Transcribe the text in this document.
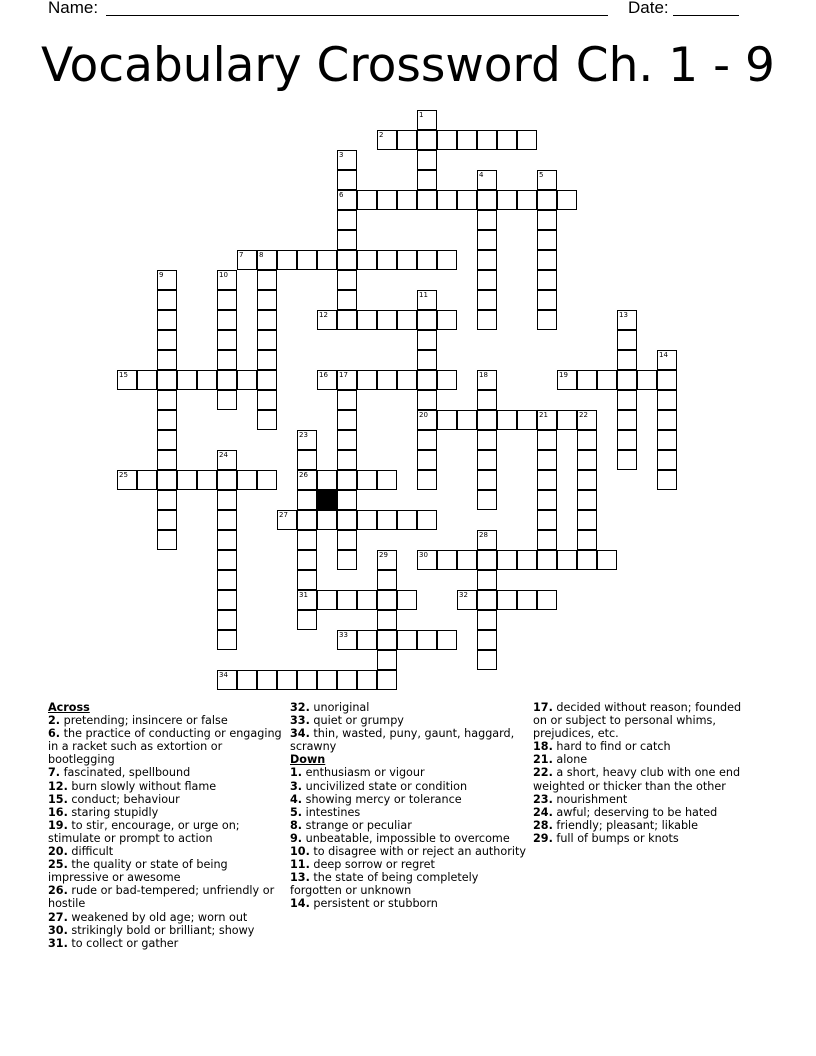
Name:	Date:
Vocabulary Crossword Ch. 1 - 9
2
6
7 8
12
15	16 17	19
20	21	22
25	26
27
30
31	32
33
34
1
3
4	5
9	10
11
13
14
18
23
24
28
29
Across
2. pretending; insincere or false
6. the practice of conducting or engaging in a racket such as extortion or bootlegging
7. fascinated, spellbound
12. burn slowly without flame
15. conduct; behaviour
16. staring stupidly
19. to stir, encourage, or urge on; stimulate or prompt to action
20. difficult
25. the quality or state of being impressive or awesome
26. rude or bad-tempered; unfriendly or hostile
27. weakened by old age; worn out
30. strikingly bold or brilliant; showy
31. to collect or gather
32. unoriginal
33. quiet or grumpy
34. thin, wasted, puny, gaunt, haggard, scrawny
Down
1. enthusiasm or vigour
3. uncivilized state or condition
4. showing mercy or tolerance
5. intestines
8. strange or peculiar
9. unbeatable, impossible to overcome
10. to disagree with or reject an authority
11. deep sorrow or regret
13. the state of being completely forgotten or unknown
14. persistent or stubborn
17. decided without reason; founded on or subject to personal whims, prejudices, etc.
18. hard to find or catch
21. alone
22. a short, heavy club with one end weighted or thicker than the other
23. nourishment
24. awful; deserving to be hated
28. friendly; pleasant; likable
29. full of bumps or knots
